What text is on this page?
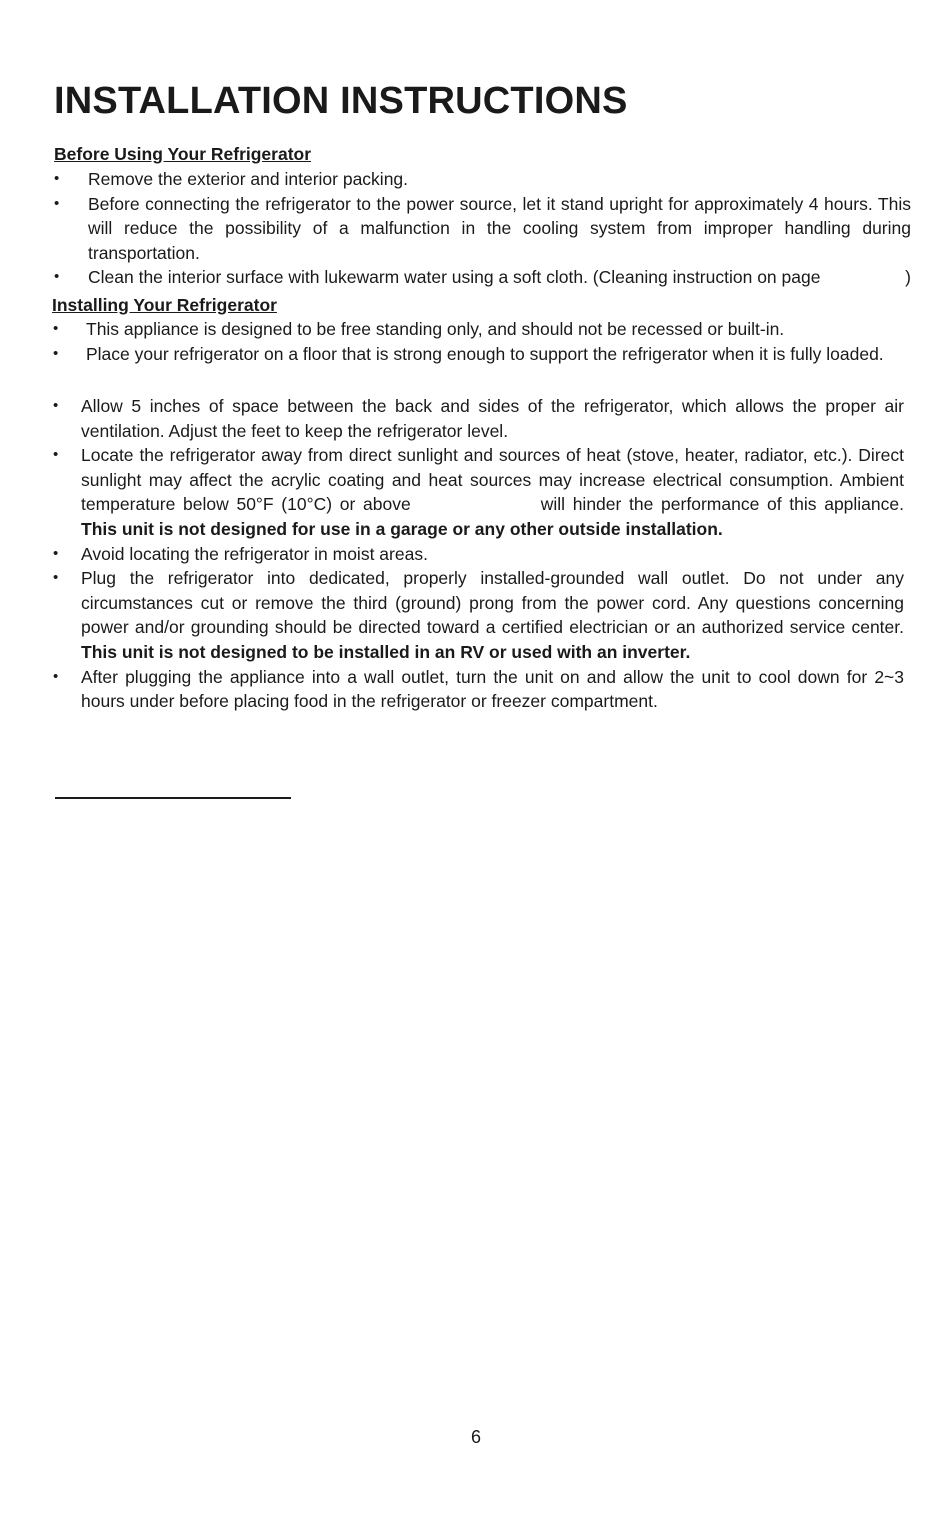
INSTALLATION INSTRUCTIONS
Before Using Your Refrigerator
• Remove the exterior and interior packing.
• Before connecting the refrigerator to the power source, let it stand upright for approximately 4 hours. This will reduce the possibility of a malfunction in the cooling system from improper handling during transportation.
• Clean the interior surface with lukewarm water using a soft cloth. (Cleaning instruction on page	)
Installing Your Refrigerator
• This appliance is designed to be free standing only, and should not be recessed or built-in.
• Place your refrigerator on a floor that is strong enough to support the refrigerator when it is fully loaded.
• Allow 5 inches of space between the back and sides of the refrigerator, which allows the proper air ventilation. Adjust the feet to keep the refrigerator level.
• Locate the refrigerator away from direct sunlight and sources of heat (stove, heater, radiator, etc.). Direct sunlight may affect the acrylic coating and heat sources may increase electrical consumption. Ambient temperature below 50°F (10°C) or above	will hinder the performance of this appliance. This unit is not designed for use in a garage or any other outside installation.
• Avoid locating the refrigerator in moist areas.
• Plug the refrigerator into dedicated, properly installed-grounded wall outlet. Do not under any circumstances cut or remove the third (ground) prong from the power cord. Any questions concerning power and/or grounding should be directed toward a certified electrician or an authorized service center. This unit is not designed to be installed in an RV or used with an inverter.
• After plugging the appliance into a wall outlet, turn the unit on and allow the unit to cool down for 2~3 hours under before placing food in the refrigerator or freezer compartment.
6
